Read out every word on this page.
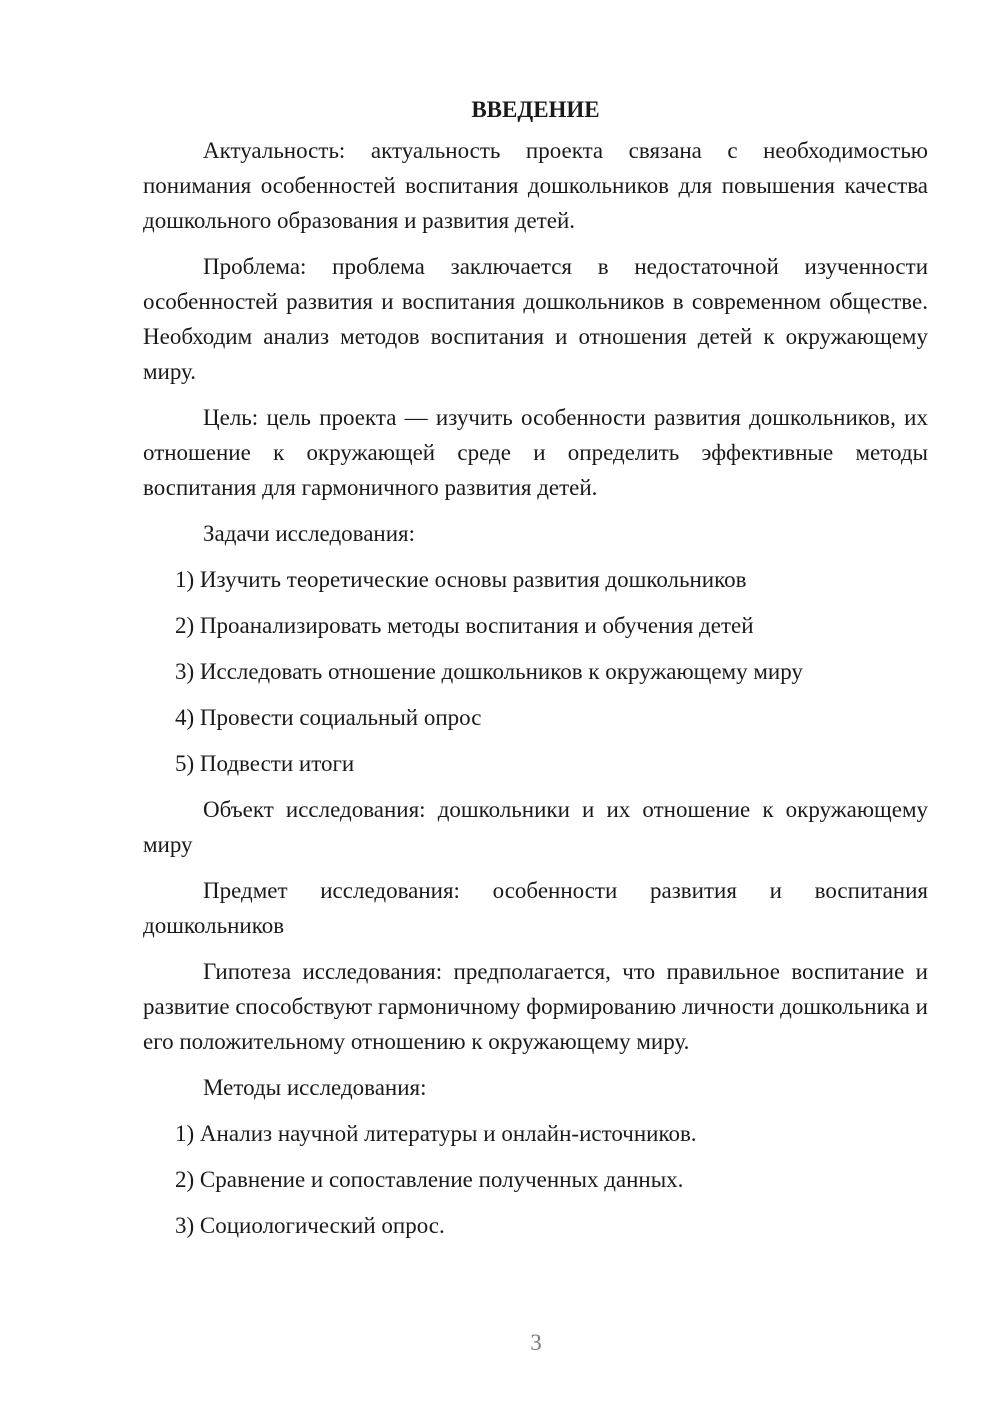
ВВЕДЕНИЕ

Актуальность: актуальность проекта связана с необходимостью понимания особенностей воспитания дошкольников для повышения качества дошкольного образования и развития детей.

Проблема: проблема заключается в недостаточной изученности особенностей развития и воспитания дошкольников в современном обществе. Необходим анализ методов воспитания и отношения детей к окружающему миру.

Цель: цель проекта — изучить особенности развития дошкольников, их отношение к окружающей среде и определить эффективные методы воспитания для гармоничного развития детей.

Задачи исследования:

1) Изучить теоретические основы развития дошкольников
2) Проанализировать методы воспитания и обучения детей
3) Исследовать отношение дошкольников к окружающему миру
4) Провести социальный опрос
5) Подвести итоги

Объект исследования: дошкольники и их отношение к окружающему миру

Предмет исследования: особенности развития и воспитания дошкольников

Гипотеза исследования: предполагается, что правильное воспитание и развитие способствуют гармоничному формированию личности дошкольника и его положительному отношению к окружающему миру.

Методы исследования:

1) Анализ научной литературы и онлайн-источников.
2) Сравнение и сопоставление полученных данных.
3) Социологический опрос.
3
